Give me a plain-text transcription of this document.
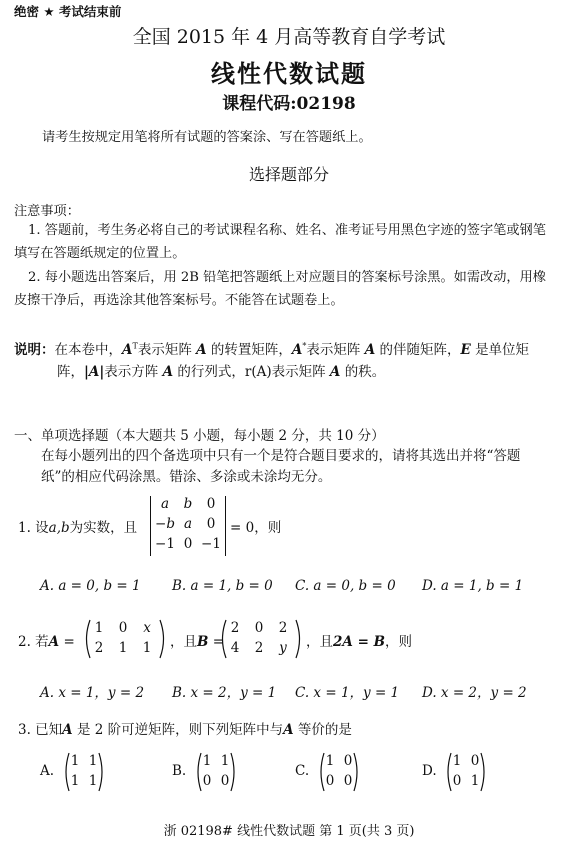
绝密 ★ 考试结束前
全国 2015 年 4 月高等教育自学考试
线性代数试题
课程代码:02198
请考生按规定用笔将所有试题的答案涂、写在答题纸上。
选择题部分
注意事项：
1. 答题前，考生务必将自己的考试课程名称、姓名、准考证号用黑色字迹的签字笔或钢笔
填写在答题纸规定的位置上。
2. 每小题选出答案后，用 2B 铅笔把答题纸上对应题目的答案标号涂黑。如需改动，用橡
皮擦干净后，再选涂其他答案标号。不能答在试题卷上。
说明：在本卷中，$A^T$表示矩阵 A 的转置矩阵，A*表示矩阵 A 的伴随矩阵，E 是单位矩
阵，|A|表示方阵 A 的行列式，r(A)表示矩阵 A 的秩。
一、单项选择题（本大题共 5 小题，每小题 2 分，共 10 分）
在每小题列出的四个备选项中只有一个是符合题目要求的，请将其选出并将“答题
纸”的相应代码涂黑。错涂、多涂或未涂均无分。
1. 设a,b为实数，且
a	b	0
−b a	0
−1 0 −1
= 0，则
A. a = 0, b = 1 B. a = 1, b = 0 C. a = 0, b = 0 D. a = 1, b = 1
2. 若A =
1	0	x
2	1	1	，且B =
2	0	2
4	2	y	，且2A = B，则
A. x = 1，y = 2 B. x = 2，y = 1 C. x = 1，y = 1 D. x = 2，y = 2
3. 已知A 是 2 阶可逆矩阵，则下列矩阵中与A 等价的是
A.
1 1
1 1
B.
1 1
0 0
C.
1 0
0 0
D.
1 0
0 1
浙 02198# 线性代数试题 第 1 页(共 3 页)
